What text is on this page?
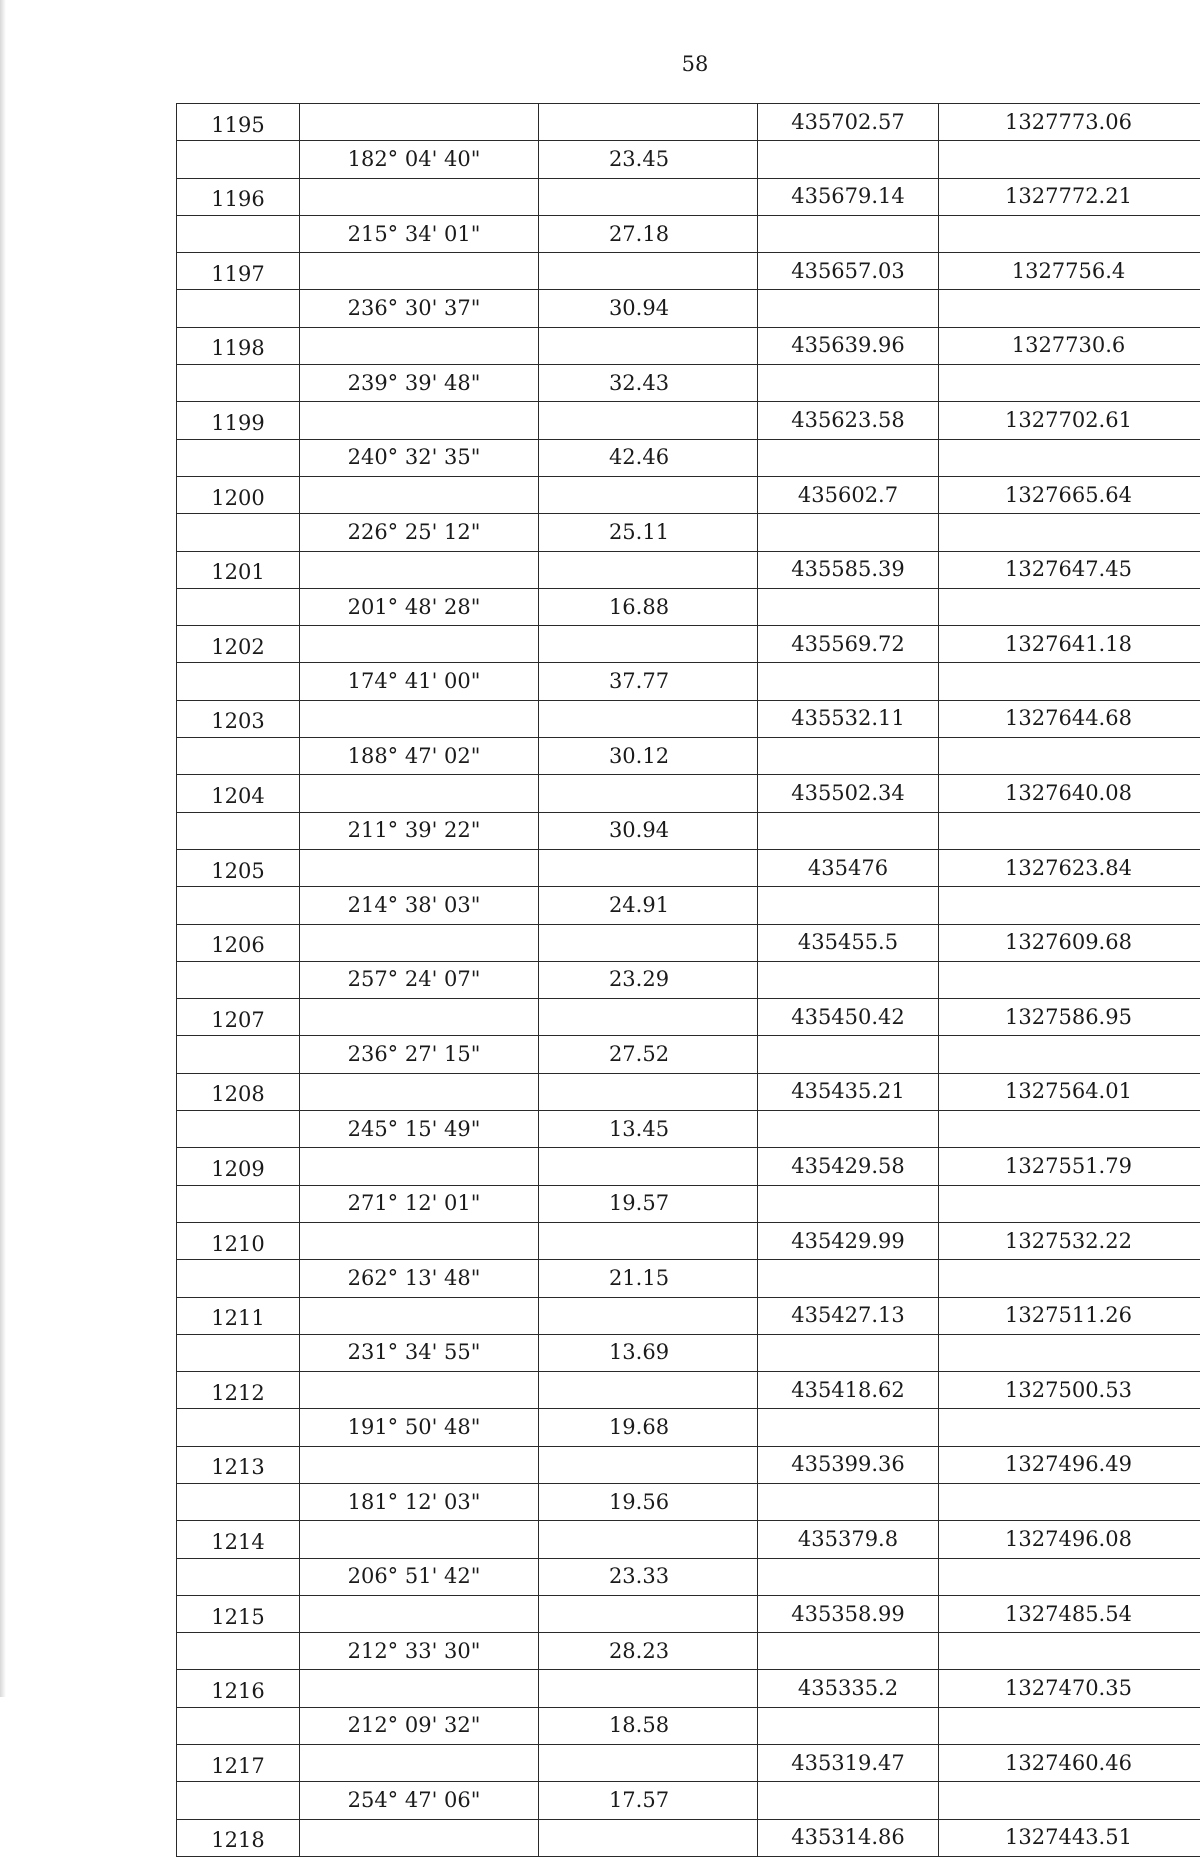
58
1195			435702.57	1327773.06
	182° 04' 40"	23.45		
1196			435679.14	1327772.21
	215° 34' 01"	27.18		
1197			435657.03	1327756.4
	236° 30' 37"	30.94		
1198			435639.96	1327730.6
	239° 39' 48"	32.43		
1199			435623.58	1327702.61
	240° 32' 35"	42.46		
1200			435602.7	1327665.64
	226° 25' 12"	25.11		
1201			435585.39	1327647.45
	201° 48' 28"	16.88		
1202			435569.72	1327641.18
	174° 41' 00"	37.77		
1203			435532.11	1327644.68
	188° 47' 02"	30.12		
1204			435502.34	1327640.08
	211° 39' 22"	30.94		
1205			435476	1327623.84
	214° 38' 03"	24.91		
1206			435455.5	1327609.68
	257° 24' 07"	23.29		
1207			435450.42	1327586.95
	236° 27' 15"	27.52		
1208			435435.21	1327564.01
	245° 15' 49"	13.45		
1209			435429.58	1327551.79
	271° 12' 01"	19.57		
1210			435429.99	1327532.22
	262° 13' 48"	21.15		
1211			435427.13	1327511.26
	231° 34' 55"	13.69		
1212			435418.62	1327500.53
	191° 50' 48"	19.68		
1213			435399.36	1327496.49
	181° 12' 03"	19.56		
1214			435379.8	1327496.08
	206° 51' 42"	23.33		
1215			435358.99	1327485.54
	212° 33' 30"	28.23		
1216			435335.2	1327470.35
	212° 09' 32"	18.58		
1217			435319.47	1327460.46
	254° 47' 06"	17.57		
1218			435314.86	1327443.51
